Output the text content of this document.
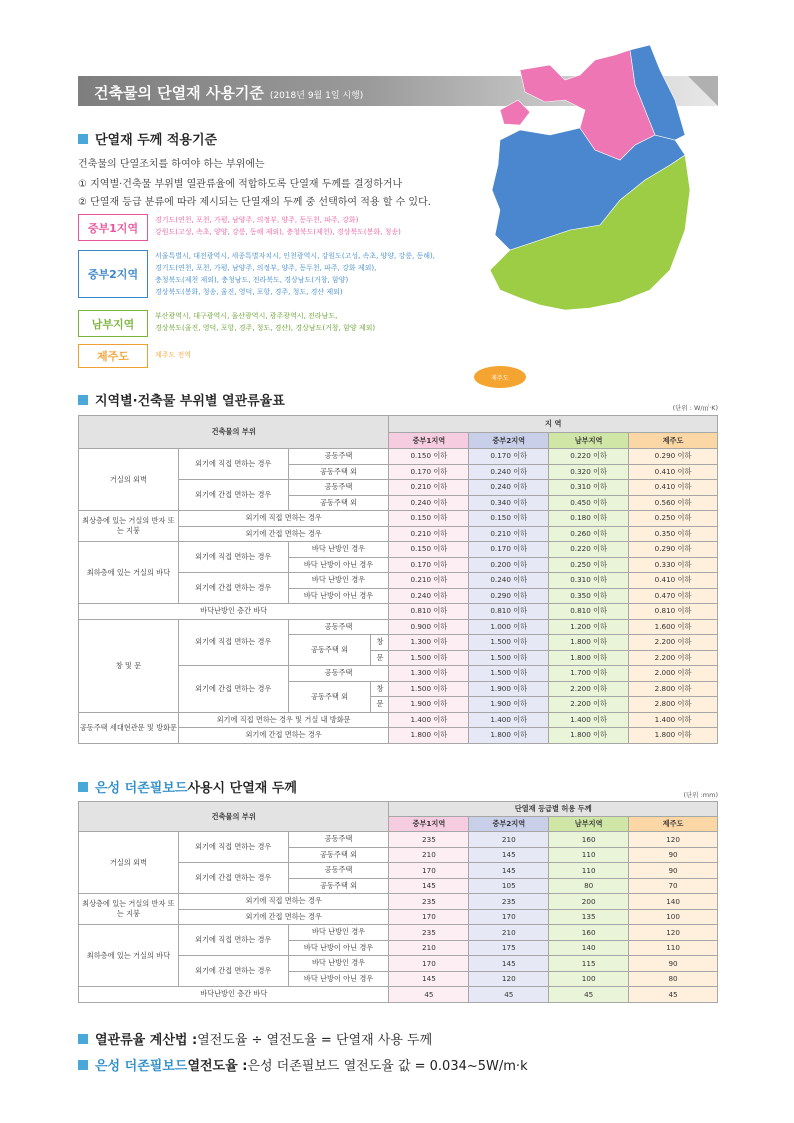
건축물의 단열재 사용기준 (2018년 9월 1일 시행)
제주도
단열재 두께 적용기준
건축물의 단열조치를 하여야 하는 부위에는
① 지역별·건축물 부위별 열관류율에 적합하도록 단열재 두께를 결정하거나
② 단열재 등급 분류에 따라 제시되는 단열재의 두께 중 선택하여 적용 할 수 있다.
중부1지역
경기도(연천, 포천, 가평, 남양주, 의정부, 양주, 동두천, 파주, 강화)
강원도(고성, 속초, 양양, 강릉, 동해 제외), 충청북도(제천), 경상북도(봉화, 청송)
중부2지역
서울특별시, 대전광역시, 세종특별자치시, 인천광역시, 강원도(고성, 속초, 양양, 강릉, 동해),
경기도(연천, 포천, 가평, 남양주, 의정부, 양주, 동두천, 파주, 강화 제외),
충청북도(제천 제외), 충청남도, 전라북도, 경상남도(거창, 함양)
경상북도(봉화, 청송, 울진, 영덕, 포항, 경주, 청도, 경산 제외)
남부지역
부산광역시, 대구광역시, 울산광역시, 광주광역시, 전라남도,
경상북도(울진, 영덕, 포항, 경주, 청도, 경산), 경상남도(거창, 함양 제외)
제주도	제주도 전역
지역별·건축물 부위별 열관류율표	(단위 : W/㎡·K)
건축물의 부위				지 역			
				중부1지역	중부2지역	남부지역	제주도
거실의 외벽	외기에 직접 면하는 경우	공동주택		0.150 이하	0.170 이하	0.220 이하	0.290 이하
		공동주택 외		0.170 이하	0.240 이하	0.320 이하	0.410 이하
	외기에 간접 면하는 경우	공동주택		0.210 이하	0.240 이하	0.310 이하	0.410 이하
		공동주택 외		0.240 이하	0.340 이하	0.450 이하	0.560 이하
최상층에 있는 거실의 반자 또는 지붕	외기에 직접 면하는 경우			0.150 이하	0.150 이하	0.180 이하	0.250 이하
	외기에 간접 면하는 경우			0.210 이하	0.210 이하	0.260 이하	0.350 이하
최하층에 있는 거실의 바닥	외기에 직접 면하는 경우	바닥 난방인 경우		0.150 이하	0.170 이하	0.220 이하	0.290 이하
		바닥 난방이 아닌 경우		0.170 이하	0.200 이하	0.250 이하	0.330 이하
	외기에 간접 면하는 경우	바닥 난방인 경우		0.210 이하	0.240 이하	0.310 이하	0.410 이하
		바닥 난방이 아닌 경우		0.240 이하	0.290 이하	0.350 이하	0.470 이하
바닥난방인 층간 바닥				0.810 이하	0.810 이하	0.810 이하	0.810 이하
창 및 문	외기에 직접 면하는 경우	공동주택		0.900 이하	1.000 이하	1.200 이하	1.600 이하
		공동주택 외	창	1.300 이하	1.500 이하	1.800 이하	2.200 이하
			문	1.500 이하	1.500 이하	1.800 이하	2.200 이하
	외기에 간접 면하는 경우	공동주택		1.300 이하	1.500 이하	1.700 이하	2.000 이하
		공동주택 외	창	1.500 이하	1.900 이하	2.200 이하	2.800 이하
			문	1.900 이하	1.900 이하	2.200 이하	2.800 이하
공동주택 세대현관문 및 방화문	외기에 직접 면하는 경우 및 거실 내 방화문			1.400 이하	1.400 이하	1.400 이하	1.400 이하
	외기에 간접 면하는 경우			1.800 이하	1.800 이하	1.800 이하	1.800 이하
은성 더존필보드 사용시 단열재 두께	(단위 :mm)
건축물의 부위			단열재 등급별 허용 두께			
			중부1지역	중부2지역	남부지역	제주도
거실의 외벽	외기에 직접 면하는 경우	공동주택	235	210	160	120
		공동주택 외	210	145	110	90
	외기에 간접 면하는 경우	공동주택	170	145	110	90
		공동주택 외	145	105	80	70
최상층에 있는 거실의 반자 또는 지붕	외기에 직접 면하는 경우		235	235	200	140
	외기에 간접 면하는 경우		170	170	135	100
최하층에 있는 거실의 바닥	외기에 직접 면하는 경우	바닥 난방인 경우	235	210	160	120
		바닥 난방이 아닌 경우	210	175	140	110
	외기에 간접 면하는 경우	바닥 난방인 경우	170	145	115	90
		바닥 난방이 아닌 경우	145	120	100	80
바닥난방인 층간 바닥			45	45	45	45
열관류율 계산법 : 열전도율 ÷ 열전도율 = 단열재 사용 두께
은성 더존필보드 열전도율 : 은성 더존필보드 열전도율 값 = 0.034~5W/m·k
